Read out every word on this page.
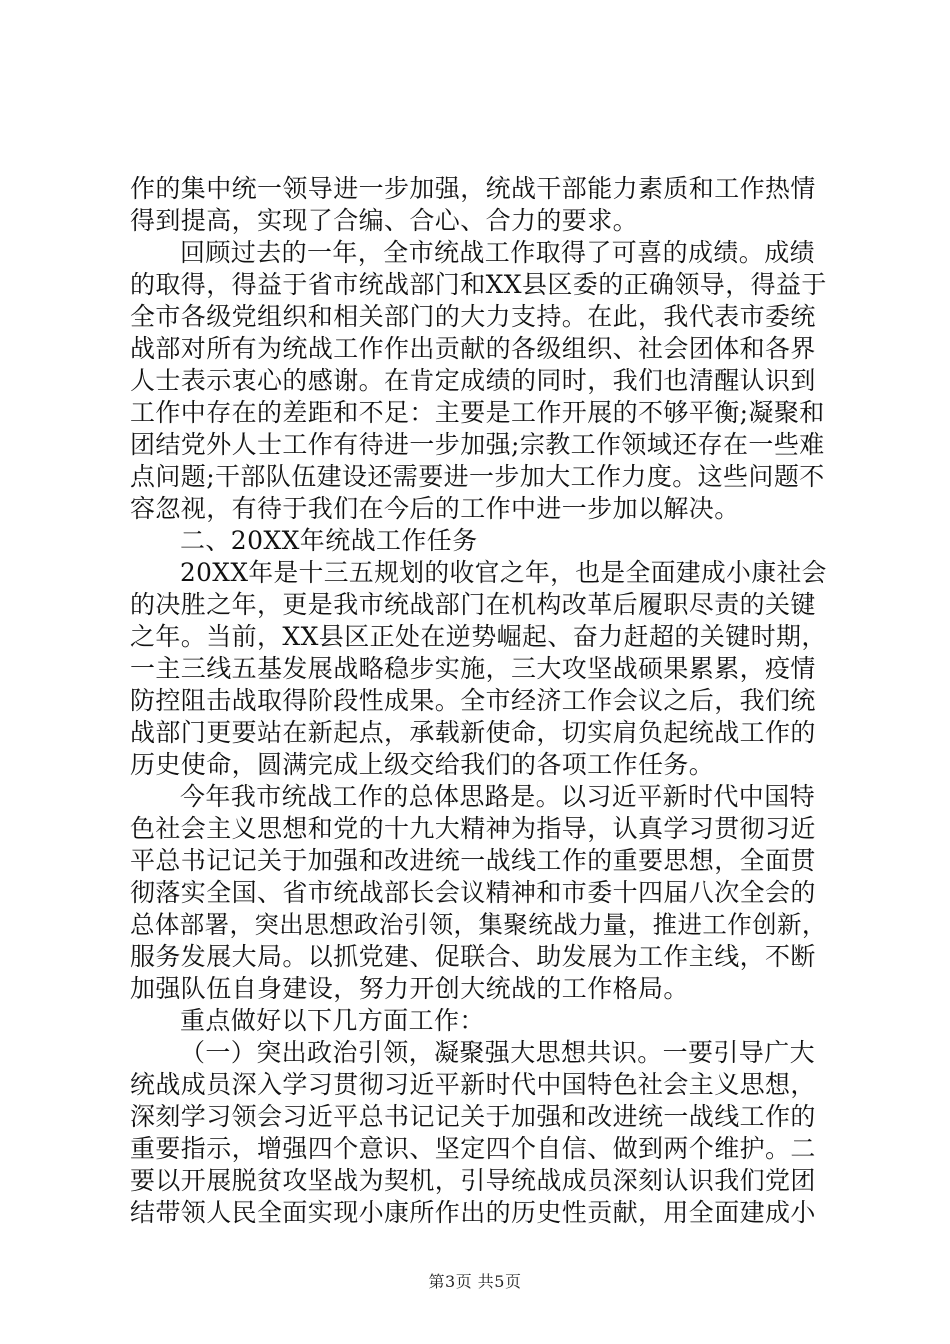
作的集中统一领导进一步加强，统战干部能力素质和工作热情
得到提高，实现了合编、合心、合力的要求。
回顾过去的一年，全市统战工作取得了可喜的成绩。成绩
的取得，得益于省市统战部门和XX县区委的正确领导，得益于
全市各级党组织和相关部门的大力支持。在此，我代表市委统
战部对所有为统战工作作出贡献的各级组织、社会团体和各界
人士表示衷心的感谢。在肯定成绩的同时，我们也清醒认识到
工作中存在的差距和不足：主要是工作开展的不够平衡;凝聚和
团结党外人士工作有待进一步加强;宗教工作领域还存在一些难
点问题;干部队伍建设还需要进一步加大工作力度。这些问题不
容忽视，有待于我们在今后的工作中进一步加以解决。
二、20XX年统战工作任务
20XX年是十三五规划的收官之年，也是全面建成小康社会
的决胜之年，更是我市统战部门在机构改革后履职尽责的关键
之年。当前，XX县区正处在逆势崛起、奋力赶超的关键时期，
一主三线五基发展战略稳步实施，三大攻坚战硕果累累，疫情
防控阻击战取得阶段性成果。全市经济工作会议之后，我们统
战部门更要站在新起点，承载新使命，切实肩负起统战工作的
历史使命，圆满完成上级交给我们的各项工作任务。
今年我市统战工作的总体思路是。以习近平新时代中国特
色社会主义思想和党的十九大精神为指导，认真学习贯彻习近
平总书记记关于加强和改进统一战线工作的重要思想，全面贯
彻落实全国、省市统战部长会议精神和市委十四届八次全会的
总体部署，突出思想政治引领，集聚统战力量，推进工作创新，
服务发展大局。以抓党建、促联合、助发展为工作主线，不断
加强队伍自身建设，努力开创大统战的工作格局。
重点做好以下几方面工作：
（一）突出政治引领，凝聚强大思想共识。一要引导广大
统战成员深入学习贯彻习近平新时代中国特色社会主义思想，
深刻学习领会习近平总书记记关于加强和改进统一战线工作的
重要指示，增强四个意识、坚定四个自信、做到两个维护。二
要以开展脱贫攻坚战为契机，引导统战成员深刻认识我们党团
结带领人民全面实现小康所作出的历史性贡献，用全面建成小
第3页 共5页
